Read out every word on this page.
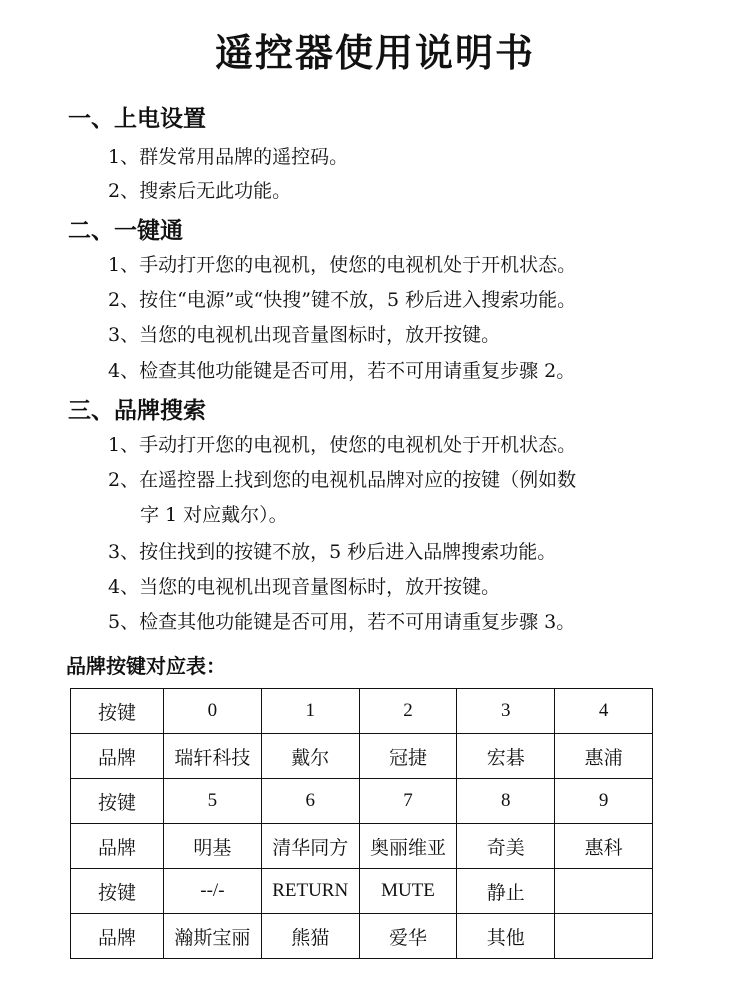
遥控器使用说明书
一、上电设置
1、群发常用品牌的遥控码。
2、搜索后无此功能。
二、一键通
1、手动打开您的电视机，使您的电视机处于开机状态。
2、按住“电源”或“快搜”键不放，5 秒后进入搜索功能。
3、当您的电视机出现音量图标时，放开按键。
4、检查其他功能键是否可用，若不可用请重复步骤 2。
三、品牌搜索
1、手动打开您的电视机，使您的电视机处于开机状态。
2、在遥控器上找到您的电视机品牌对应的按键（例如数
字 1 对应戴尔）。
3、按住找到的按键不放，5 秒后进入品牌搜索功能。
4、当您的电视机出现音量图标时，放开按键。
5、检查其他功能键是否可用，若不可用请重复步骤 3。
品牌按键对应表：
按键	0	1	2	3	4
品牌	瑞轩科技	戴尔	冠捷	宏碁	惠浦
按键	5	6	7	8	9
品牌	明基	清华同方	奥丽维亚	奇美	惠科
按键	--/-	RETURN	MUTE	静止	
品牌	瀚斯宝丽	熊猫	爱华	其他	
